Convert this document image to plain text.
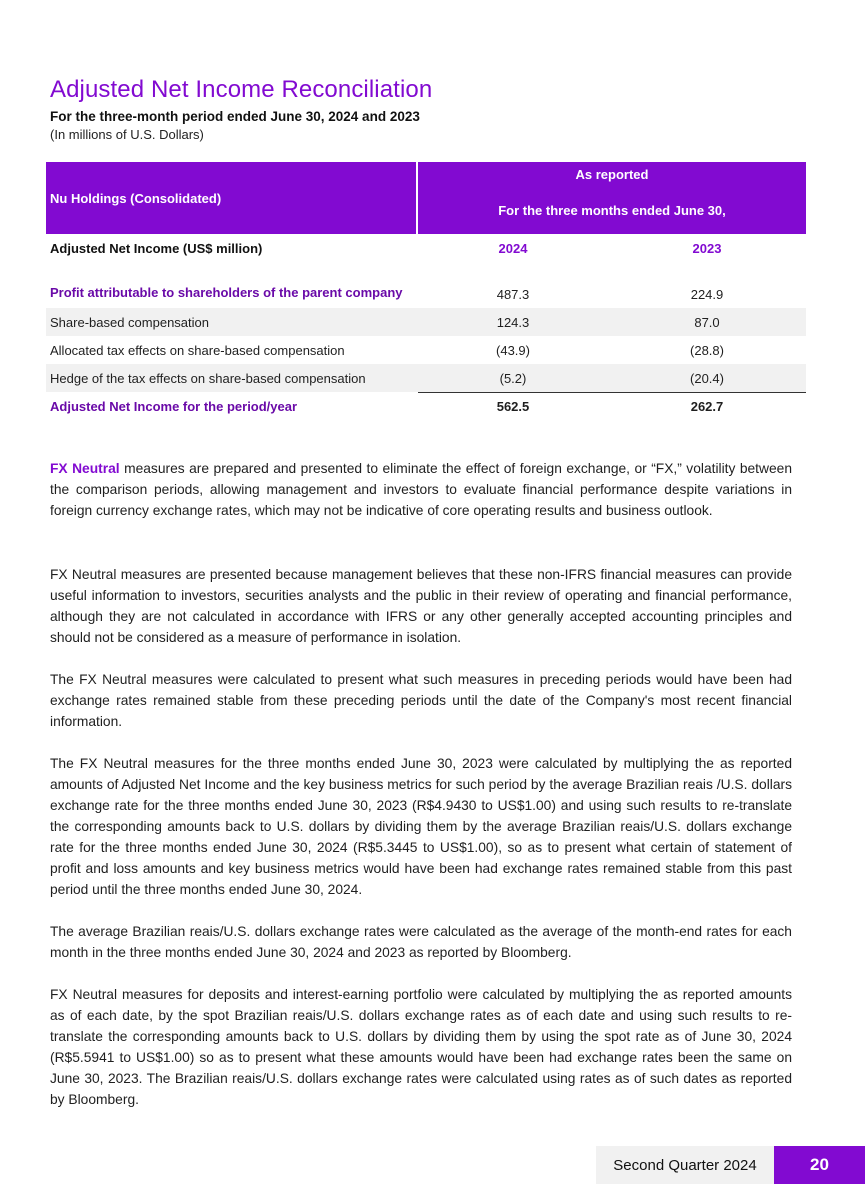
Adjusted Net Income Reconciliation
For the three-month period ended June 30, 2024 and 2023
(In millions of U.S. Dollars)
Nu Holdings (Consolidated)
As reported
For the three months ended June 30,
Adjusted Net Income (US$ million)	2024	2023
Profit attributable to shareholders of the parent company	487.3	224.9
Share-based compensation	124.3	87.0
Allocated tax effects on share-based compensation	(43.9)	(28.8)
Hedge of the tax effects on share-based compensation	(5.2)	(20.4)
Adjusted Net Income for the period/year	562.5	262.7

FX Neutral measures are prepared and presented to eliminate the effect of foreign exchange, or “FX,” volatility between the comparison periods, allowing management and investors to evaluate financial performance despite variations in foreign currency exchange rates, which may not be indicative of core operating results and business outlook.

FX Neutral measures are presented because management believes that these non-IFRS financial measures can provide useful information to investors, securities analysts and the public in their review of operating and financial performance, although they are not calculated in accordance with IFRS or any other generally accepted accounting principles and should not be considered as a measure of performance in isolation.

The FX Neutral measures were calculated to present what such measures in preceding periods would have been had exchange rates remained stable from these preceding periods until the date of the Company's most recent financial information.

The FX Neutral measures for the three months ended June 30, 2023 were calculated by multiplying the as reported amounts of Adjusted Net Income and the key business metrics for such period by the average Brazilian reais /U.S. dollars exchange rate for the three months ended June 30, 2023 (R$4.9430 to US$1.00) and using such results to re-translate the corresponding amounts back to U.S. dollars by dividing them by the average Brazilian reais/U.S. dollars exchange rate for the three months ended June 30, 2024 (R$5.3445 to US$1.00), so as to present what certain of statement of profit and loss amounts and key business metrics would have been had exchange rates remained stable from this past period until the three months ended June 30, 2024.

The average Brazilian reais/U.S. dollars exchange rates were calculated as the average of the month-end rates for each month in the three months ended June 30, 2024 and 2023 as reported by Bloomberg.

FX Neutral measures for deposits and interest-earning portfolio were calculated by multiplying the as reported amounts as of each date, by the spot Brazilian reais/U.S. dollars exchange rates as of each date and using such results to re-translate the corresponding amounts back to U.S. dollars by dividing them by using the spot rate as of June 30, 2024 (R$5.5941 to US$1.00) so as to present what these amounts would have been had exchange rates been the same on June 30, 2023. The Brazilian reais/U.S. dollars exchange rates were calculated using rates as of such dates as reported by Bloomberg.

Second Quarter 2024	20
